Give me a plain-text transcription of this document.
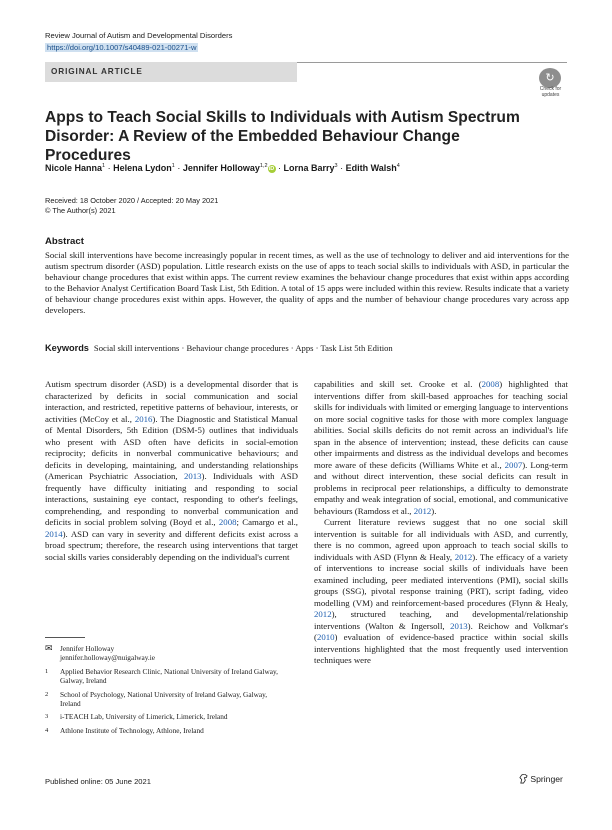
Review Journal of Autism and Developmental Disorders
https://doi.org/10.1007/s40489-021-00271-w
ORIGINAL ARTICLE
↻
Check for
updates
Apps to Teach Social Skills to Individuals with Autism Spectrum Disorder: A Review of the Embedded Behaviour Change Procedures
Nicole Hanna$^1$ · Helena Lydon$^1$ · Jennifer Holloway$^{1,2}$iD · Lorna Barry$^3$ · Edith Walsh$^4$
Received: 18 October 2020 / Accepted: 20 May 2021
© The Author(s) 2021
Abstract
Social skill interventions have become increasingly popular in recent times, as well as the use of technology to deliver and aid interventions for the autism spectrum disorder (ASD) population. Little research exists on the use of apps to teach social skills to individuals with ASD, in particular the behaviour change procedures that exist within apps. The current review examines the behaviour change procedures that exist within apps according to the Behavior Analyst Certification Board Task List, 5th Edition. A total of 15 apps were included within this review. Results indicate that a variety of behaviour change procedures exist within apps. However, the quality of apps and the number of behaviour change procedures vary across app developers.
Keywords Social skill interventions · Behaviour change procedures · Apps · Task List 5th Edition

Autism spectrum disorder (ASD) is a developmental disorder that is characterized by deficits in social communication and social interaction, and restricted, repetitive patterns of behaviour, interests, or activities (McCoy et al., 2016). The Diagnostic and Statistical Manual of Mental Disorders, 5th Edition (DSM-5) outlines that individuals who present with ASD often have deficits in social-emotion reciprocity; deficits in nonverbal communicative behaviours; and deficits in developing, maintaining, and understanding relationships (American Psychiatric Association, 2013). Individuals with ASD frequently have difficulty initiating and responding to social interactions, sustaining eye contact, responding to other's feelings, comprehending, and responding to nonverbal communication and deficits in social problem solving (Boyd et al., 2008; Camargo et al., 2014). ASD can vary in severity and different deficits exist across a broad spectrum; therefore, the research using interventions that target social skills varies considerably depending on the individual's current

capabilities and skill set. Crooke et al. (2008) highlighted that interventions differ from skill-based approaches for teaching social skills for individuals with limited or emerging language to interventions on more social cognitive tasks for those with more complex language abilities. Social skills deficits do not remit across an individual's life span in the absence of intervention; instead, these deficits can cause other impairments and distress as the individual develops and becomes more aware of these deficits (Williams White et al., 2007). Long-term and without direct intervention, these social deficits can result in problems in reciprocal peer relationships, a difficulty to demonstrate empathy and weak integration of social, emotional, and communicative behaviours (Ramdoss et al., 2012).

Current literature reviews suggest that no one social skill intervention is suitable for all individuals with ASD, and currently, there is no common, agreed upon approach to teach social skills to individuals with ASD (Flynn & Healy, 2012). The efficacy of a variety of interventions to increase social skills of individuals have been examined including, peer mediated interventions (PMI), social skills groups (SSG), pivotal response training (PRT), script fading, video modelling (VM) and reinforcement-based procedures (Flynn & Healy, 2012), structured teaching, and developmental/relationship interventions (Walton & Ingersoll, 2013). Reichow and Volkmar's (2010) evaluation of evidence-based practice within social skills interventions highlighted that the most frequently used intervention techniques were

✉	Jennifer Holloway
jennifer.holloway@nuigalway.ie
1	Applied Behavior Research Clinic, National University of Ireland Galway, Galway, Ireland
2	School of Psychology, National University of Ireland Galway, Galway, Ireland
3	i-TEACH Lab, University of Limerick, Limerick, Ireland
4	Athlone Institute of Technology, Athlone, Ireland
Published online: 05 June 2021	Springer
